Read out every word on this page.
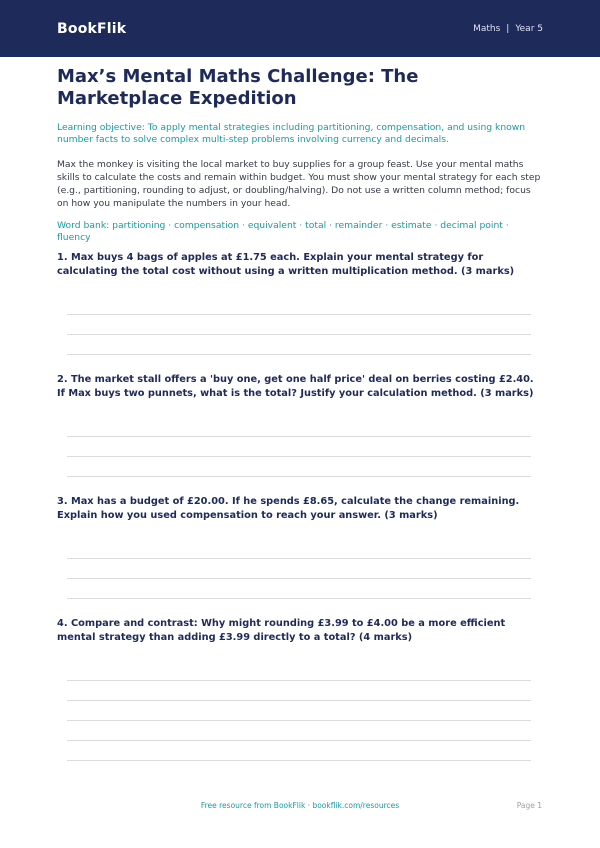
BookFlik	Maths | Year 5
Max’s Mental Maths Challenge: The Marketplace Expedition

Learning objective: To apply mental strategies including partitioning, compensation, and using known number facts to solve complex multi-step problems involving currency and decimals.

Max the monkey is visiting the local market to buy supplies for a group feast. Use your mental maths skills to calculate the costs and remain within budget. You must show your mental strategy for each step (e.g., partitioning, rounding to adjust, or doubling/halving). Do not use a written column method; focus on how you manipulate the numbers in your head.

Word bank: partitioning · compensation · equivalent · total · remainder · estimate · decimal point · fluency

1. Max buys 4 bags of apples at £1.75 each. Explain your mental strategy for calculating the total cost without using a written multiplication method. (3 marks)

2. The market stall offers a 'buy one, get one half price' deal on berries costing £2.40. If Max buys two punnets, what is the total? Justify your calculation method. (3 marks)

3. Max has a budget of £20.00. If he spends £8.65, calculate the change remaining. Explain how you used compensation to reach your answer. (3 marks)

4. Compare and contrast: Why might rounding £3.99 to £4.00 be a more efficient mental strategy than adding £3.99 directly to a total? (4 marks)

Free resource from BookFlik · bookflik.com/resources	Page 1
